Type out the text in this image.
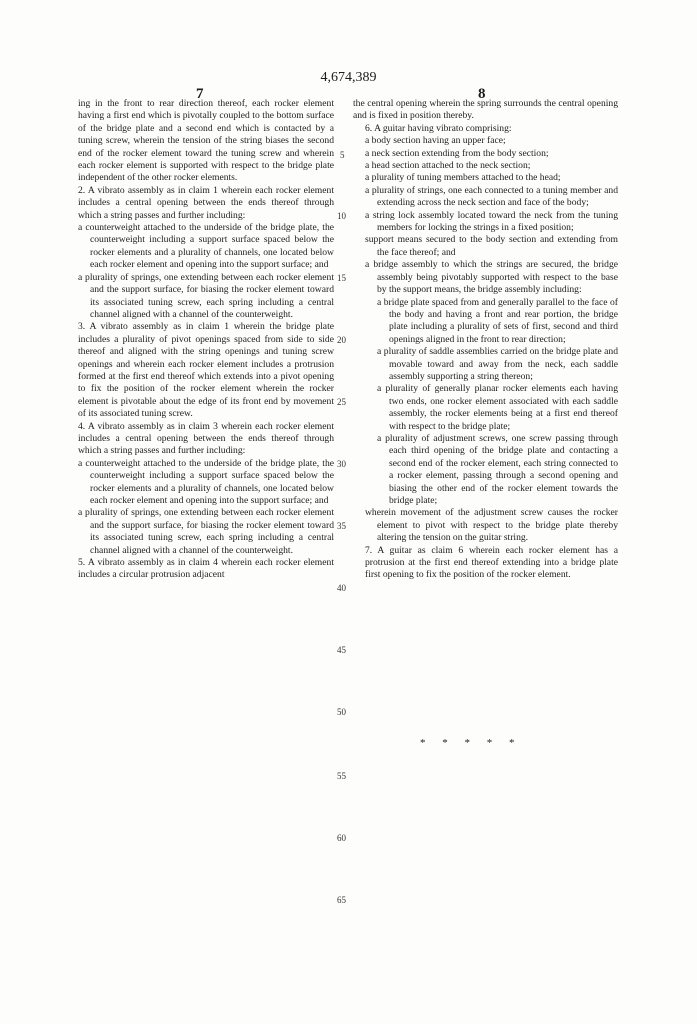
4,674,389
7	8

ing in the front to rear direction thereof, each rocker element having a first end which is pivotally coupled to the bottom surface of the bridge plate and a second end which is contacted by a tuning screw, wherein the tension of the string biases the second end of the rocker element toward the tuning screw and wherein each rocker element is supported with respect to the bridge plate independent of the other rocker elements.

2. A vibrato assembly as in claim 1 wherein each rocker element includes a central opening between the ends thereof through which a string passes and further including:

a counterweight attached to the underside of the bridge plate, the counterweight including a support surface spaced below the rocker elements and a plurality of channels, one located below each rocker element and opening into the support surface; and

a plurality of springs, one extending between each rocker element and the support surface, for biasing the rocker element toward its associated tuning screw, each spring including a central channel aligned with a channel of the counterweight.

3. A vibrato assembly as in claim 1 wherein the bridge plate includes a plurality of pivot openings spaced from side to side thereof and aligned with the string openings and tuning screw openings and wherein each rocker element includes a protrusion formed at the first end thereof which extends into a pivot opening to fix the position of the rocker element wherein the rocker element is pivotable about the edge of its front end by movement of its associated tuning screw.

4. A vibrato assembly as in claim 3 wherein each rocker element includes a central opening between the ends thereof through which a string passes and further including:

a counterweight attached to the underside of the bridge plate, the counterweight including a support surface spaced below the rocker elements and a plurality of channels, one located below each rocker element and opening into the support surface; and

a plurality of springs, one extending between each rocker element and the support surface, for biasing the rocker element toward its associated tuning screw, each spring including a central channel aligned with a channel of the counterweight.

5. A vibrato assembly as in claim 4 wherein each rocker element includes a circular protrusion adjacent

the central opening wherein the spring surrounds the central opening and is fixed in position thereby.

6. A guitar having vibrato comprising:

a body section having an upper face;

a neck section extending from the body section;

a head section attached to the neck section;

a plurality of tuning members attached to the head;

a plurality of strings, one each connected to a tuning member and extending across the neck section and face of the body;

a string lock assembly located toward the neck from the tuning members for locking the strings in a fixed position;

support means secured to the body section and extending from the face thereof; and

a bridge assembly to which the strings are secured, the bridge assembly being pivotably supported with respect to the base by the support means, the bridge assembly including:

a bridge plate spaced from and generally parallel to the face of the body and having a front and rear portion, the bridge plate including a plurality of sets of first, second and third openings aligned in the front to rear direction;

a plurality of saddle assemblies carried on the bridge plate and movable toward and away from the neck, each saddle assembly supporting a string thereon;

a plurality of generally planar rocker elements each having two ends, one rocker element associated with each saddle assembly, the rocker elements being at a first end thereof with respect to the bridge plate;

a plurality of adjustment screws, one screw passing through each third opening of the bridge plate and contacting a second end of the rocker element, each string connected to a rocker element, passing through a second opening and biasing the other end of the rocker element towards the bridge plate;

wherein movement of the adjustment screw causes the rocker element to pivot with respect to the bridge plate thereby altering the tension on the guitar string.

7. A guitar as claim 6 wherein each rocker element has a protrusion at the first end thereof extending into a bridge plate first opening to fix the position of the rocker element.

* * * * *
5
10
15
20
25
30
35
40
45
50
55
60
65
